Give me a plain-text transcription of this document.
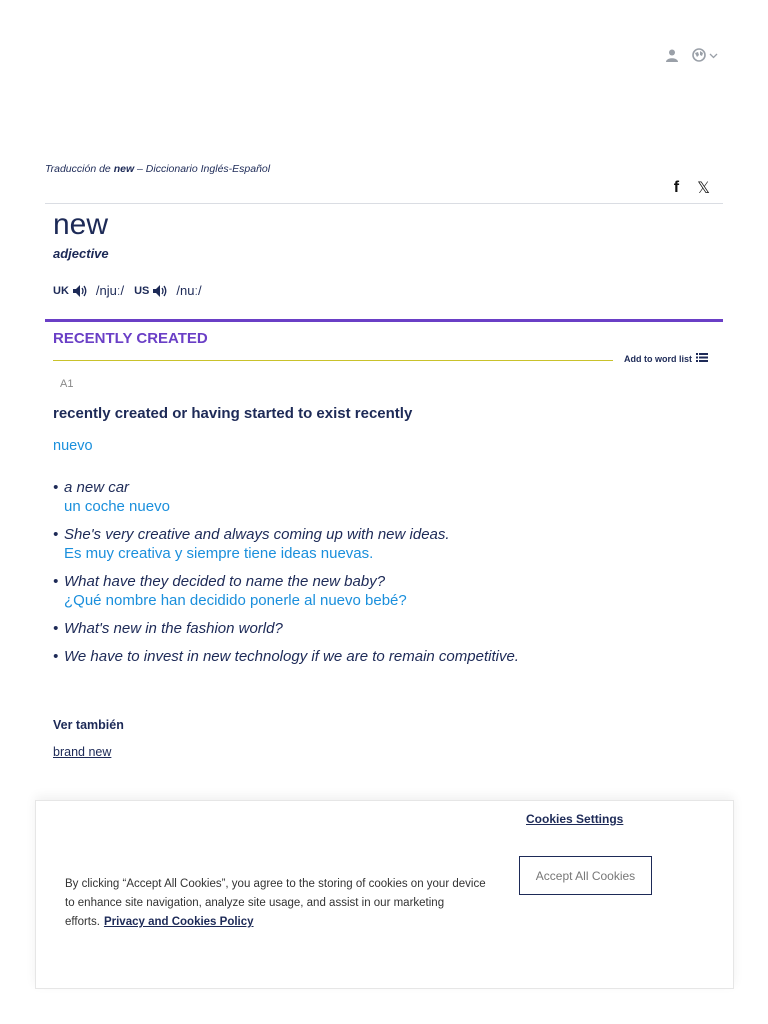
Traducción de new – Diccionario Inglés-Español
f 𝕏
new
adjective
UK /njuː/ US /nuː/
RECENTLY CREATED
Add to word list
A1
recently created or having started to exist recently
nuevo
• a new car
un coche nuevo
• She's very creative and always coming up with new ideas.
Es muy creativa y siempre tiene ideas nuevas.
• What have they decided to name the new baby?
¿Qué nombre han decidido ponerle al nuevo bebé?
• What's new in the fashion world?
• We have to invest in new technology if we are to remain competitive.
Ver también
brand new
Cookies Settings
Accept All Cookies
By clicking “Accept All Cookies”, you agree to the storing of cookies on your device to enhance site navigation, analyze site usage, and assist in our marketing efforts. Privacy and Cookies Policy
